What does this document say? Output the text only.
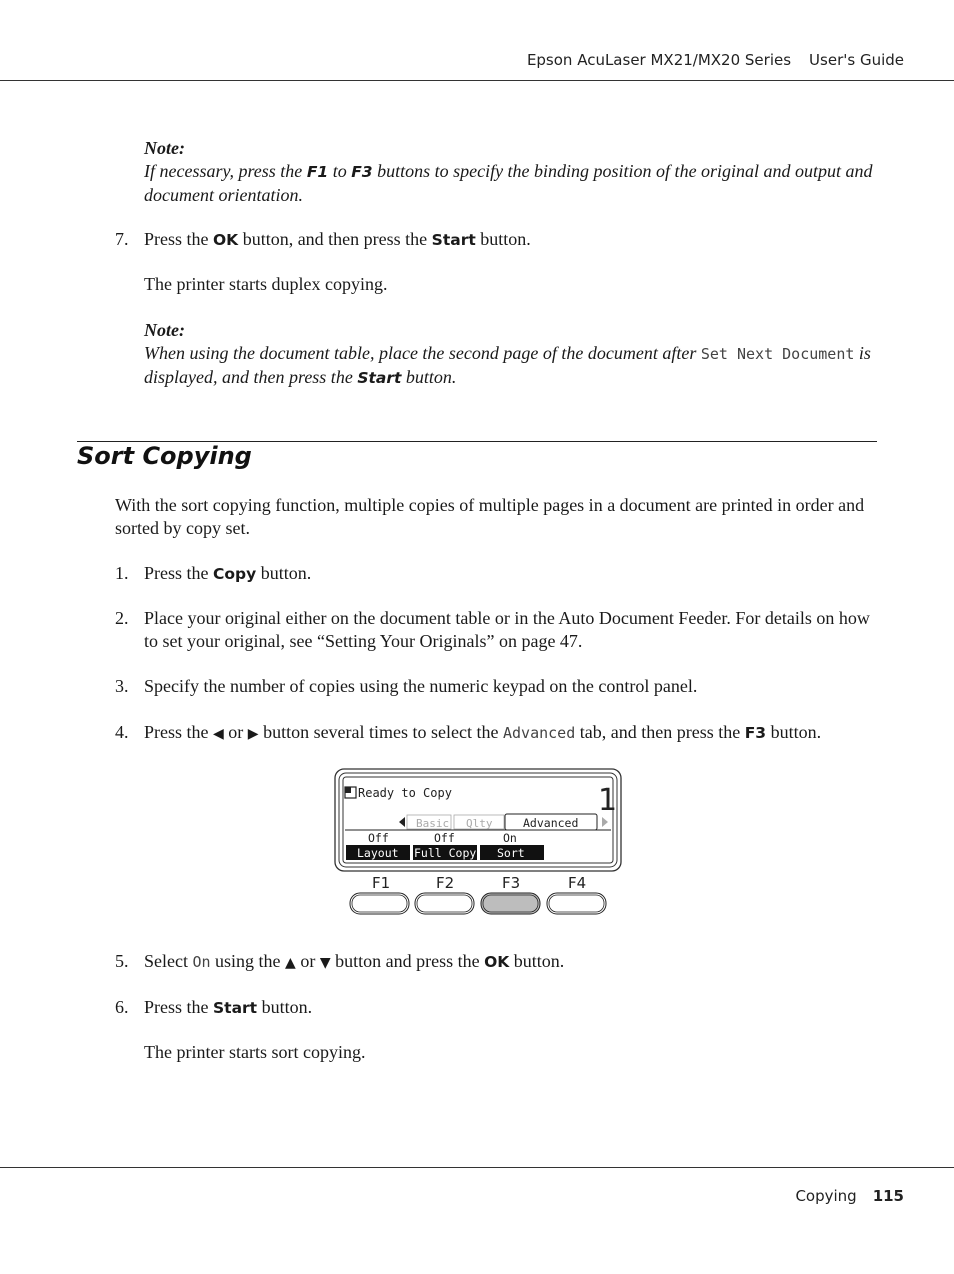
Epson AcuLaser MX21/MX20 Series User's Guide
Note:
If necessary, press the F1 to F3 buttons to specify the binding position of the original and output and document orientation.
7. Press the OK button, and then press the Start button.
The printer starts duplex copying.
Note:
When using the document table, place the second page of the document after Set Next Document is displayed, and then press the Start button.
Sort Copying
With the sort copying function, multiple copies of multiple pages in a document are printed in order and sorted by copy set.
1. Press the Copy button.
2. Place your original either on the document table or in the Auto Document Feeder. For details on how to set your original, see “Setting Your Originals” on page 47.
3. Specify the number of copies using the numeric keypad on the control panel.
4. Press the ◀ or ▶ button several times to select the Advanced tab, and then press the F3 button.
Ready to Copy	1
Basic Qlty	Advanced
Off	Off	On
Layout Full Copy Sort
F1	F2	F3	F4
5. Select On using the ▲ or ▼ button and press the OK button.
6. Press the Start button.
The printer starts sort copying.
Copying 115
